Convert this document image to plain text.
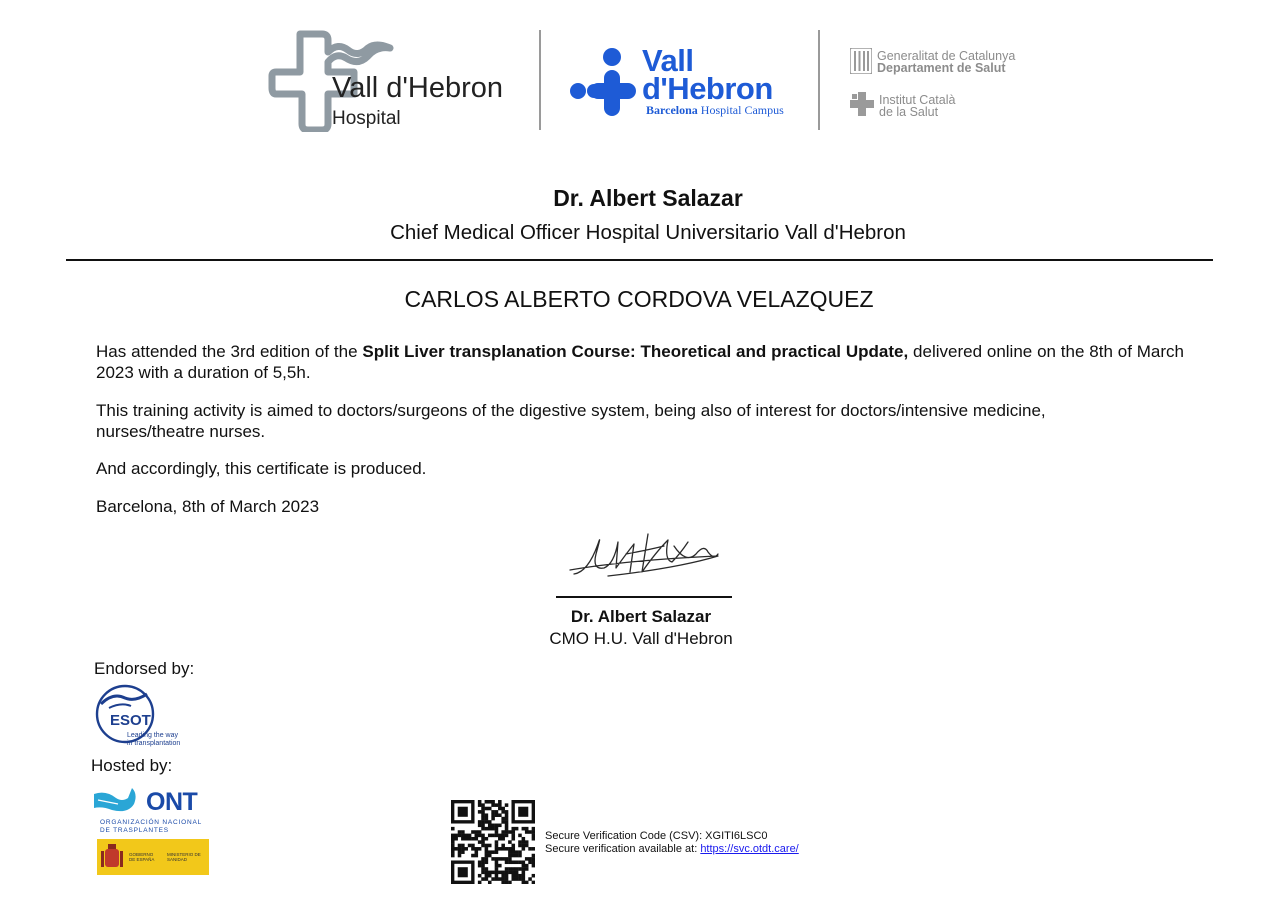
Vall d'Hebron
Hospital
Vall
d'Hebron
Barcelona Hospital Campus
Generalitat de Catalunya
Departament de Salut
Institut Català
de la Salut
Dr. Albert Salazar
Chief Medical Officer Hospital Universitario Vall d'Hebron
CARLOS ALBERTO CORDOVA VELAZQUEZ
Has attended the 3rd edition of the Split Liver transplanation Course: Theoretical and practical Update, delivered online on the 8th of March 2023 with a duration of 5,5h.
This training activity is aimed to doctors/surgeons of the digestive system, being also of interest for doctors/intensive medicine, nurses/theatre nurses.
And accordingly, this certificate is produced.
Barcelona, 8th of March 2023
Dr. Albert Salazar
CMO H.U. Vall d'Hebron
Endorsed by:
ESOT
Leading the way
in transplantation
Hosted by:
ONT
ORGANIZACIÓN NACIONAL
DE TRASPLANTES
GOBIERNO DE ESPAÑA
MINISTERIO DE SANIDAD
Secure Verification Code (CSV): XGITI6LSC0
Secure verification available at: https://svc.otdt.care/
